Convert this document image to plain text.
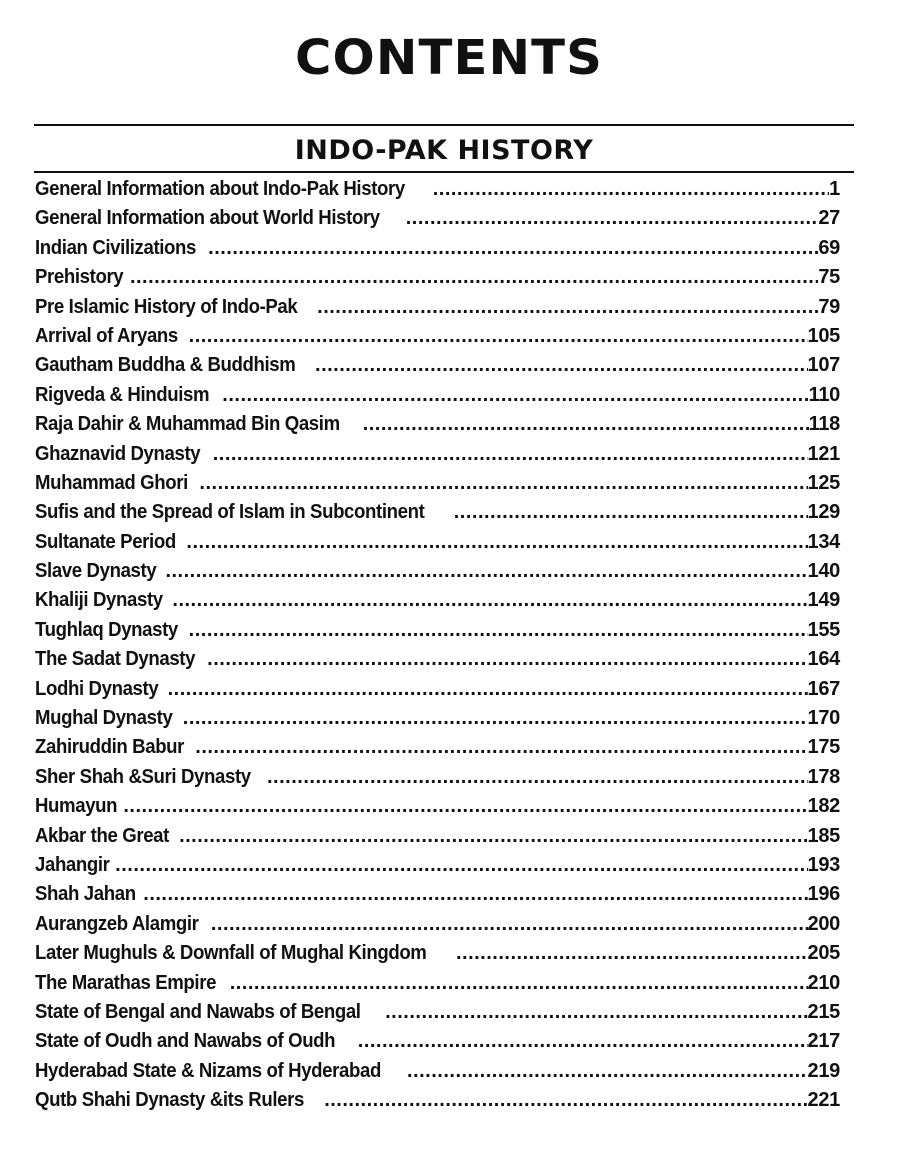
CONTENTS
INDO-PAK HISTORY
General Information about Indo-Pak History .....	1
General Information about World History .....	27
Indian Civilizations .....	69
Prehistory .....	75
Pre Islamic History of Indo-Pak .....	79
Arrival of Aryans .....	105
Gautham Buddha & Buddhism .....	107
Rigveda & Hinduism .....	110
Raja Dahir & Muhammad Bin Qasim .....	118
Ghaznavid Dynasty .....	121
Muhammad Ghori .....	125
Sufis and the Spread of Islam in Subcontinent .....	129
Sultanate Period .....	134
Slave Dynasty .....	140
Khaliji Dynasty .....	149
Tughlaq Dynasty .....	155
The Sadat Dynasty .....	164
Lodhi Dynasty .....	167
Mughal Dynasty .....	170
Zahiruddin Babur .....	175
Sher Shah &Suri Dynasty .....	178
Humayun .....	182
Akbar the Great .....	185
Jahangir .....	193
Shah Jahan .....	196
Aurangzeb Alamgir .....	200
Later Mughuls & Downfall of Mughal Kingdom .....	205
The Marathas Empire .....	210
State of Bengal and Nawabs of Bengal .....	215
State of Oudh and Nawabs of Oudh .....	217
Hyderabad State & Nizams of Hyderabad .....	219
Qutb Shahi Dynasty &its Rulers .....	221
